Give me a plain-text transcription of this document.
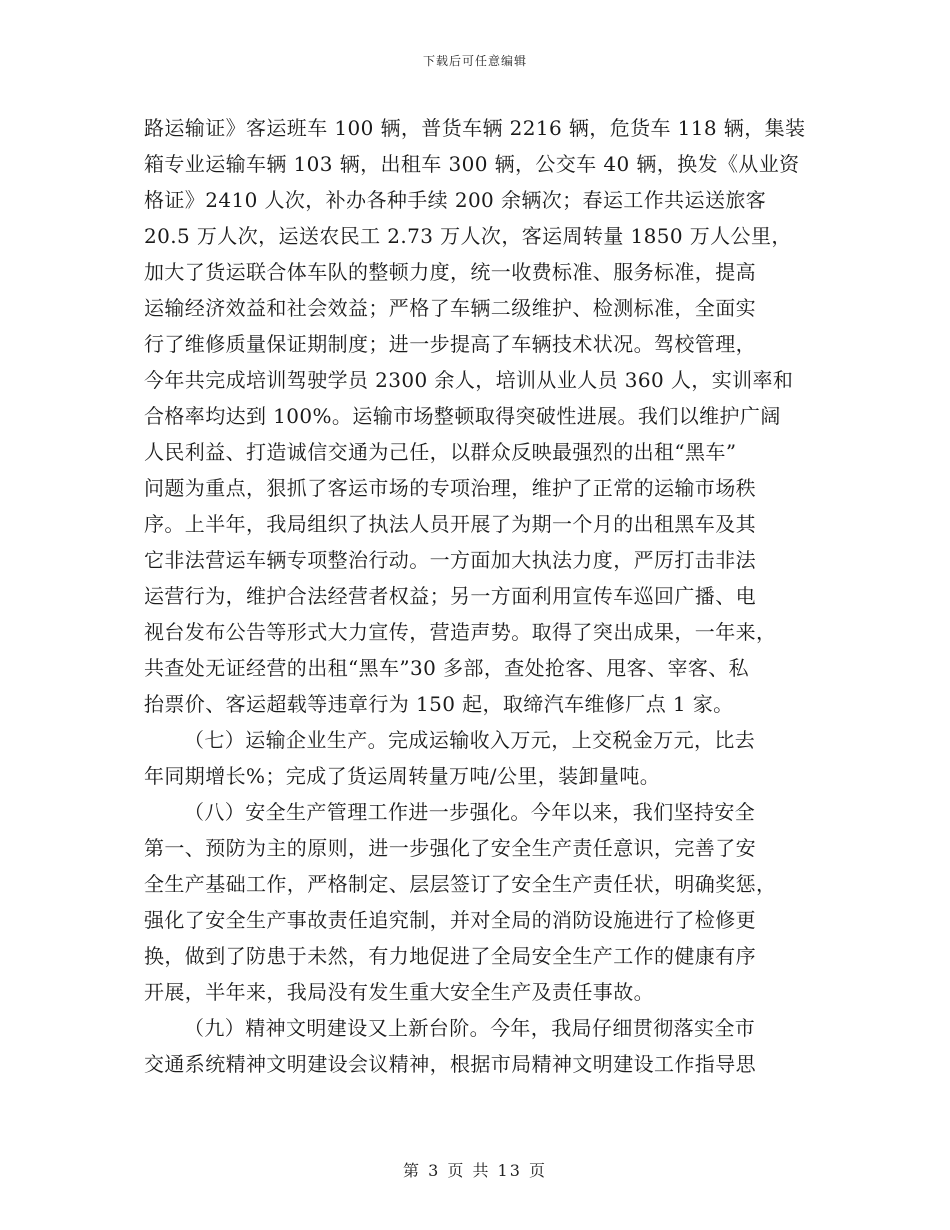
下载后可任意编辑
路运输证》客运班车 100 辆，普货车辆 2216 辆，危货车 118 辆，集装
箱专业运输车辆 103 辆，出租车 300 辆，公交车 40 辆，换发《从业资
格证》2410 人次，补办各种手续 200 余辆次；春运工作共运送旅客
20.5 万人次，运送农民工 2.73 万人次，客运周转量 1850 万人公里，
加大了货运联合体车队的整顿力度，统一收费标准、服务标准，提高
运输经济效益和社会效益；严格了车辆二级维护、检测标准，全面实
行了维修质量保证期制度；进一步提高了车辆技术状况。驾校管理，
今年共完成培训驾驶学员 2300 余人，培训从业人员 360 人，实训率和
合格率均达到 100%。运输市场整顿取得突破性进展。我们以维护广阔
人民利益、打造诚信交通为己任，以群众反映最强烈的出租“黑车”
问题为重点，狠抓了客运市场的专项治理，维护了正常的运输市场秩
序。上半年，我局组织了执法人员开展了为期一个月的出租黑车及其
它非法营运车辆专项整治行动。一方面加大执法力度，严厉打击非法
运营行为，维护合法经营者权益；另一方面利用宣传车巡回广播、电
视台发布公告等形式大力宣传，营造声势。取得了突出成果，一年来，
共查处无证经营的出租“黑车”30 多部，查处抢客、甩客、宰客、私
抬票价、客运超载等违章行为 150 起，取缔汽车维修厂点 1 家。
（七）运输企业生产。完成运输收入万元，上交税金万元，比去
年同期增长%；完成了货运周转量万吨/公里，装卸量吨。
（八）安全生产管理工作进一步强化。今年以来，我们坚持安全
第一、预防为主的原则，进一步强化了安全生产责任意识，完善了安
全生产基础工作，严格制定、层层签订了安全生产责任状，明确奖惩，
强化了安全生产事故责任追究制，并对全局的消防设施进行了检修更
换，做到了防患于未然，有力地促进了全局安全生产工作的健康有序
开展，半年来，我局没有发生重大安全生产及责任事故。
（九）精神文明建设又上新台阶。今年，我局仔细贯彻落实全市
交通系统精神文明建设会议精神，根据市局精神文明建设工作指导思
第 3 页 共 13 页
